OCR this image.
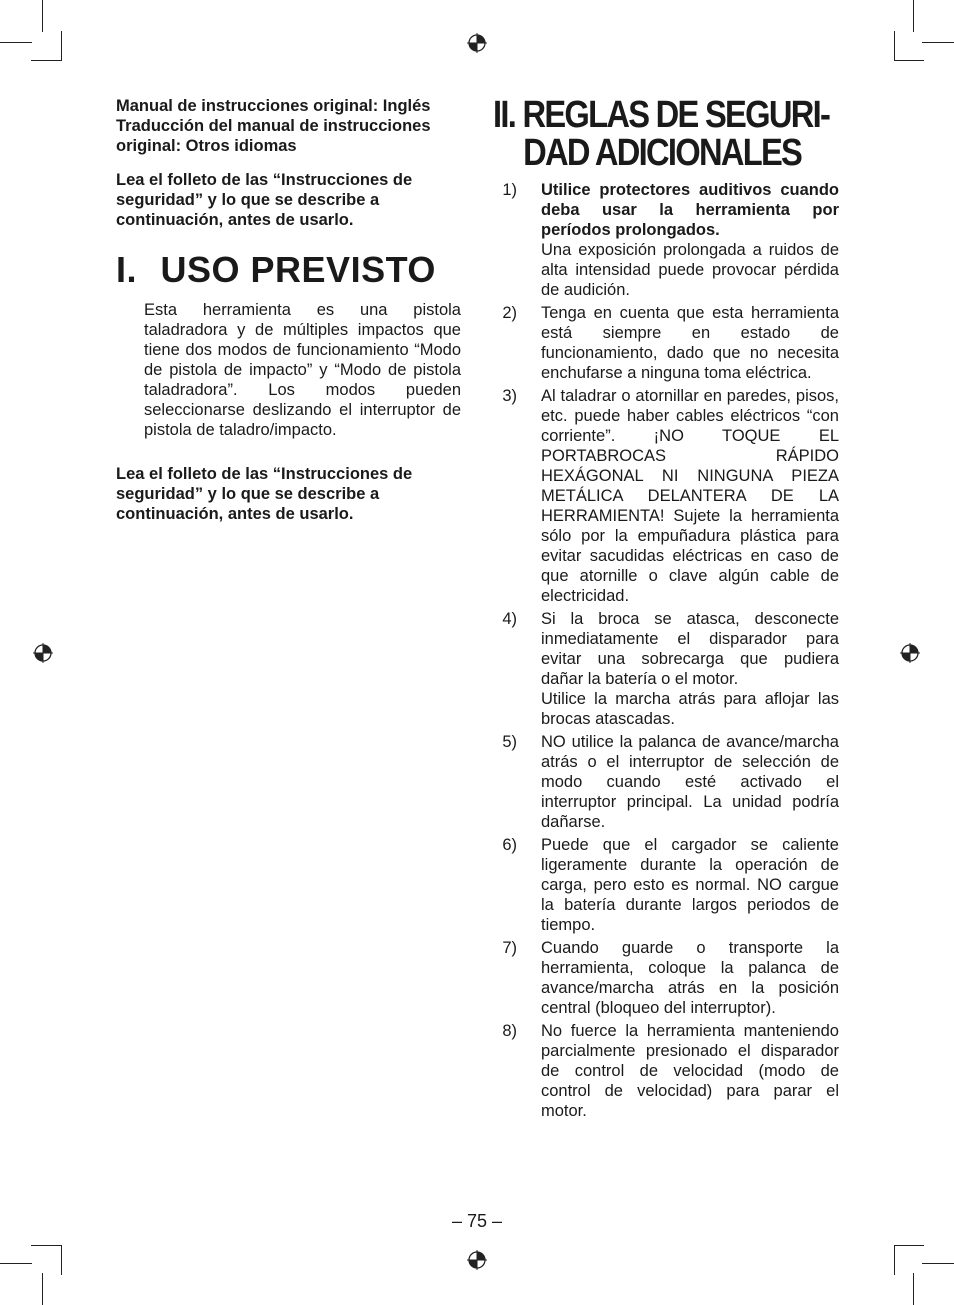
Manual de instrucciones original: Inglés

Traducción del manual de instrucciones original: Otros idiomas

Lea el folleto de las “Instrucciones de seguridad” y lo que se describe a continuación, antes de usarlo.

I. USO PREVISTO

Esta herramienta es una pistola taladradora y de múltiples impactos que tiene dos modos de funcionamiento “Modo de pistola de impacto” y “Modo de pistola taladradora”. Los modos pueden seleccionarse deslizando el interruptor de pistola de taladro/impacto.

Lea el folleto de las “Instrucciones de seguridad” y lo que se describe a continuación, antes de usarlo.

II. REGLAS DE SEGURI-
DAD ADICIONALES
1) Utilice protectores auditivos cuando deba usar la herramienta por períodos prolongados.

Una exposición prolongada a ruidos de alta intensidad puede provocar pérdida de audición.

2) Tenga en cuenta que esta herramienta está siempre en estado de funcionamiento, dado que no necesita enchufarse a ninguna toma eléctrica.

3) Al taladrar o atornillar en paredes, pisos, etc. puede haber cables eléctricos “con corriente”. ¡NO TOQUE EL PORTABROCAS RÁPIDO HEXÁGONAL NI NINGUNA PIEZA METÁLICA DELANTERA DE LA HERRAMIENTA! Sujete la herramienta sólo por la empuñadura plástica para evitar sacudidas eléctricas en caso de que atornille o clave algún cable de electricidad.

4) Si la broca se atasca, desconecte inmediatamente el disparador para evitar una sobrecarga que pudiera dañar la batería o el motor.

Utilice la marcha atrás para aflojar las brocas atascadas.

5) NO utilice la palanca de avance/marcha atrás o el interruptor de selección de modo cuando esté activado el interruptor principal. La unidad podría dañarse.

6) Puede que el cargador se caliente ligeramente durante la operación de carga, pero esto es normal. NO cargue la batería durante largos periodos de tiempo.

7) Cuando guarde o transporte la herramienta, coloque la palanca de avance/marcha atrás en la posición central (bloqueo del interruptor).

8) No fuerce la herramienta manteniendo parcialmente presionado el disparador de control de velocidad (modo de control de velocidad) para parar el motor.

– 75 –
